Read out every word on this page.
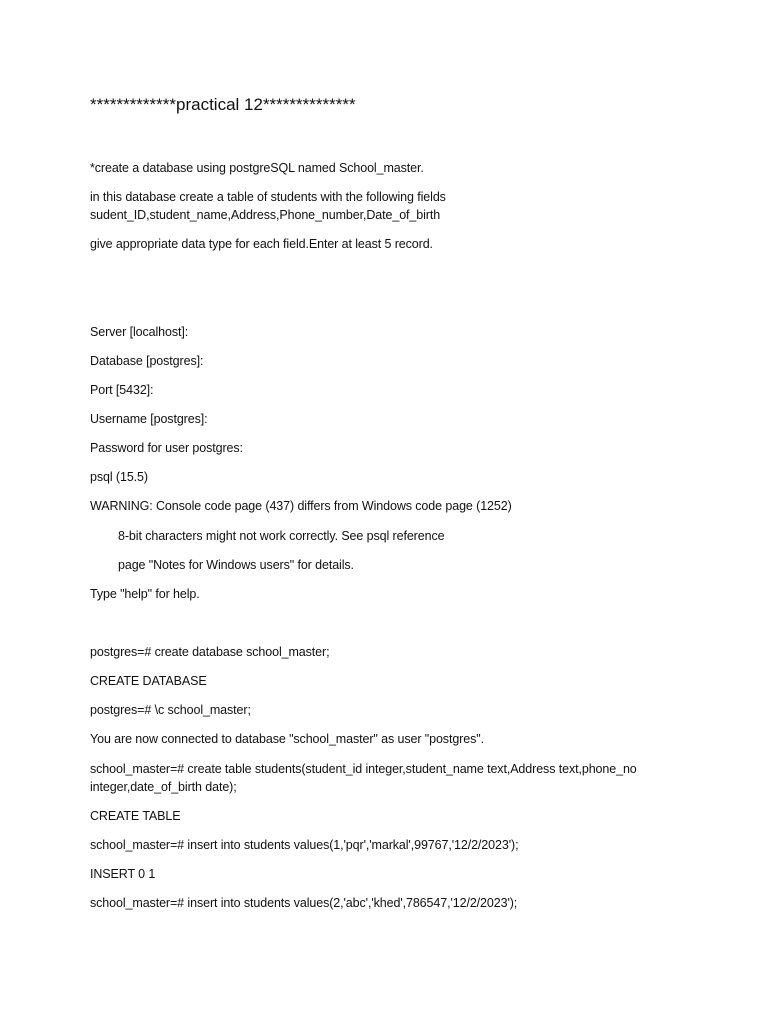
*************practical 12**************
*create a database using postgreSQL named School_master.
in this database create a table of students with the following fields
sudent_ID,student_name,Address,Phone_number,Date_of_birth
give appropriate data type for each field.Enter at least 5 record.
Server [localhost]:
Database [postgres]:
Port [5432]:
Username [postgres]:
Password for user postgres:
psql (15.5)
WARNING: Console code page (437) differs from Windows code page (1252)
8-bit characters might not work correctly. See psql reference
page "Notes for Windows users" for details.
Type "help" for help.
postgres=# create database school_master;
CREATE DATABASE
postgres=# \c school_master;
You are now connected to database "school_master" as user "postgres".
school_master=# create table students(student_id integer,student_name text,Address text,phone_no
integer,date_of_birth date);
CREATE TABLE
school_master=# insert into students values(1,'pqr','markal',99767,'12/2/2023');
INSERT 0 1
school_master=# insert into students values(2,'abc','khed',786547,'12/2/2023');
